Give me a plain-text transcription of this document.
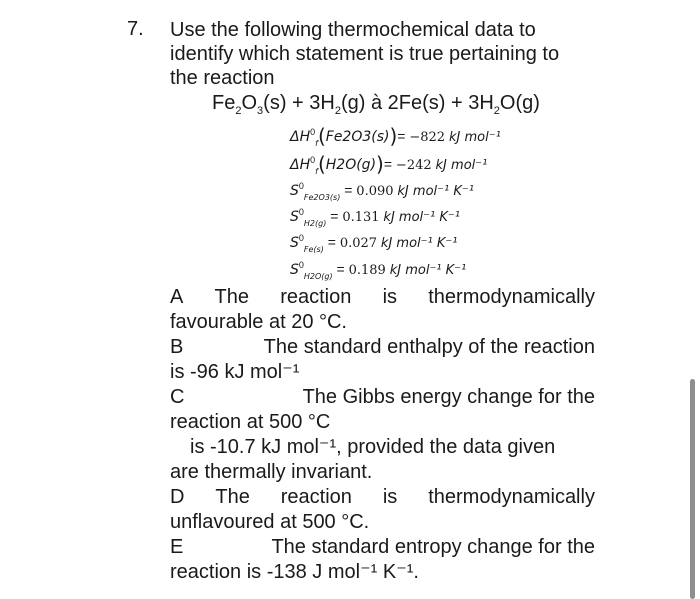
7. Use the following thermochemical data to
identify which statement is true pertaining to
the reaction
$Fe_2O_3(s) + 3H_2(g)$ à $2Fe(s) + 3H_2O(g)$
$\Delta H^0_f(Fe2O3(s))= -822$ kJ mol⁻¹
$\Delta H^0_f(H2O(g))= -242$ kJ mol⁻¹
$S^0_{Fe2O3(s)} = 0.090$ kJ mol⁻¹ K⁻¹
$S^0_{H2(g)} = 0.131$ kJ mol⁻¹ K⁻¹
$S^0_{Fe(s)} = 0.027$ kJ mol⁻¹ K⁻¹
$S^0_{H2O(g)} = 0.189$ kJ mol⁻¹ K⁻¹
A The reaction is thermodynamically
favourable at 20 °C.
B	The standard enthalpy of the reaction
is -96 kJ mol⁻¹
C	The Gibbs energy change for the
reaction at 500 °C
is -10.7 kJ mol⁻¹, provided the data given
are thermally invariant.
D The reaction is thermodynamically
unflavoured at 500 °C.
E	The standard entropy change for the
reaction is -138 J mol⁻¹ K⁻¹.
